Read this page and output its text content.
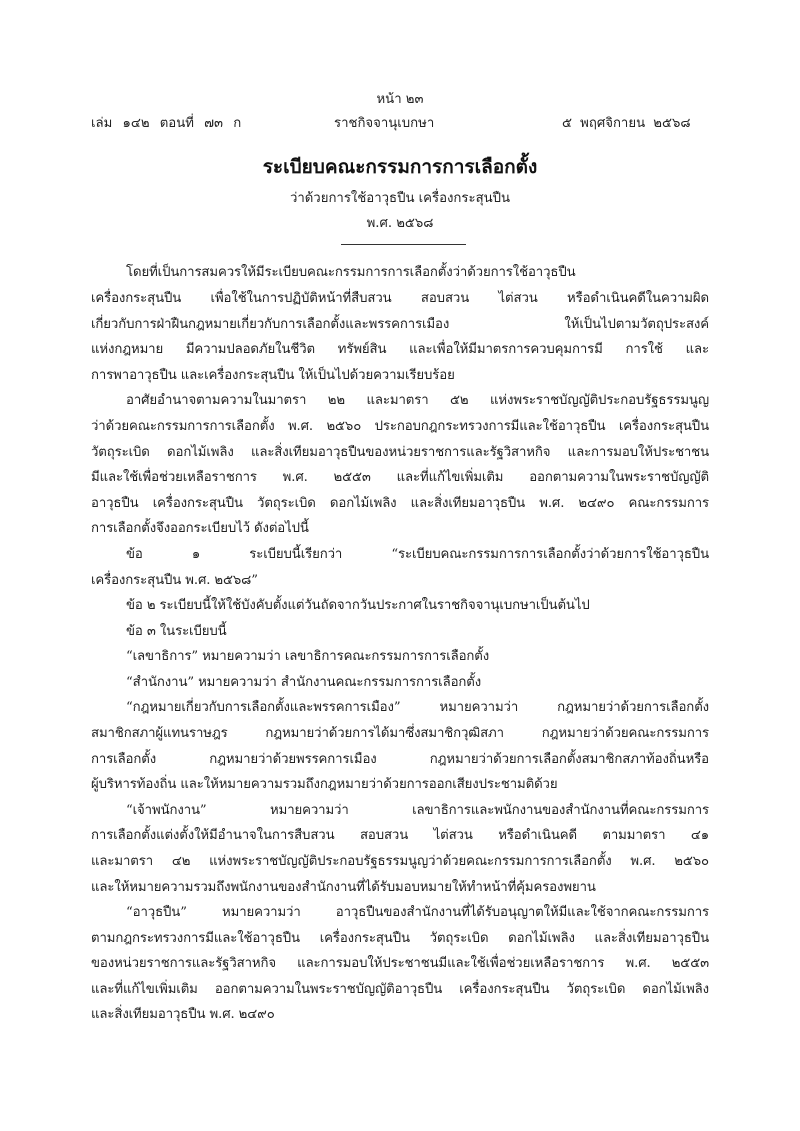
หน้า ๒๓
เล่ม ๑๔๒ ตอนที่ ๗๓ ก	ราชกิจจานุเบกษา	๕ พฤศจิกายน ๒๕๖๘
ระเบียบคณะกรรมการการเลือกตั้ง
ว่าด้วยการใช้อาวุธปืน เครื่องกระสุนปืน
พ.ศ. ๒๕๖๘
โดยที่เป็นการสมควรให้มีระเบียบคณะกรรมการการเลือกตั้งว่าด้วยการใช้อาวุธปืน
เครื่องกระสุนปืน เพื่อใช้ในการปฏิบัติหน้าที่สืบสวน สอบสวน ไต่สวน หรือดำเนินคดีในความผิด
เกี่ยวกับการฝ่าฝืนกฎหมายเกี่ยวกับการเลือกตั้งและพรรคการเมือง ให้เป็นไปตามวัตถุประสงค์
แห่งกฎหมาย มีความปลอดภัยในชีวิต ทรัพย์สิน และเพื่อให้มีมาตรการควบคุมการมี การใช้ และ
การพาอาวุธปืน และเครื่องกระสุนปืน ให้เป็นไปด้วยความเรียบร้อย
อาศัยอำนาจตามความในมาตรา ๒๒ และมาตรา ๕๒ แห่งพระราชบัญญัติประกอบรัฐธรรมนูญ
ว่าด้วยคณะกรรมการการเลือกตั้ง พ.ศ. ๒๕๖๐ ประกอบกฎกระทรวงการมีและใช้อาวุธปืน เครื่องกระสุนปืน
วัตถุระเบิด ดอกไม้เพลิง และสิ่งเทียมอาวุธปืนของหน่วยราชการและรัฐวิสาหกิจ และการมอบให้ประชาชน
มีและใช้เพื่อช่วยเหลือราชการ พ.ศ. ๒๕๕๓ และที่แก้ไขเพิ่มเติม ออกตามความในพระราชบัญญัติ
อาวุธปืน เครื่องกระสุนปืน วัตถุระเบิด ดอกไม้เพลิง และสิ่งเทียมอาวุธปืน พ.ศ. ๒๔๙๐ คณะกรรมการ
การเลือกตั้งจึงออกระเบียบไว้ ดังต่อไปนี้
ข้อ ๑ ระเบียบนี้เรียกว่า “ระเบียบคณะกรรมการการเลือกตั้งว่าด้วยการใช้อาวุธปืน
เครื่องกระสุนปืน พ.ศ. ๒๕๖๘”
ข้อ ๒ ระเบียบนี้ให้ใช้บังคับตั้งแต่วันถัดจากวันประกาศในราชกิจจานุเบกษาเป็นต้นไป
ข้อ ๓ ในระเบียบนี้
“เลขาธิการ” หมายความว่า เลขาธิการคณะกรรมการการเลือกตั้ง
“สำนักงาน” หมายความว่า สำนักงานคณะกรรมการการเลือกตั้ง
“กฎหมายเกี่ยวกับการเลือกตั้งและพรรคการเมือง” หมายความว่า กฎหมายว่าด้วยการเลือกตั้ง
สมาชิกสภาผู้แทนราษฎร กฎหมายว่าด้วยการได้มาซึ่งสมาชิกวุฒิสภา กฎหมายว่าด้วยคณะกรรมการ
การเลือกตั้ง กฎหมายว่าด้วยพรรคการเมือง กฎหมายว่าด้วยการเลือกตั้งสมาชิกสภาท้องถิ่นหรือ
ผู้บริหารท้องถิ่น และให้หมายความรวมถึงกฎหมายว่าด้วยการออกเสียงประชามติด้วย
“เจ้าพนักงาน” หมายความว่า เลขาธิการและพนักงานของสำนักงานที่คณะกรรมการ
การเลือกตั้งแต่งตั้งให้มีอำนาจในการสืบสวน สอบสวน ไต่สวน หรือดำเนินคดี ตามมาตรา ๔๑
และมาตรา ๔๒ แห่งพระราชบัญญัติประกอบรัฐธรรมนูญว่าด้วยคณะกรรมการการเลือกตั้ง พ.ศ. ๒๕๖๐
และให้หมายความรวมถึงพนักงานของสำนักงานที่ได้รับมอบหมายให้ทำหน้าที่คุ้มครองพยาน
“อาวุธปืน” หมายความว่า อาวุธปืนของสำนักงานที่ได้รับอนุญาตให้มีและใช้จากคณะกรรมการ
ตามกฎกระทรวงการมีและใช้อาวุธปืน เครื่องกระสุนปืน วัตถุระเบิด ดอกไม้เพลิง และสิ่งเทียมอาวุธปืน
ของหน่วยราชการและรัฐวิสาหกิจ และการมอบให้ประชาชนมีและใช้เพื่อช่วยเหลือราชการ พ.ศ. ๒๕๕๓
และที่แก้ไขเพิ่มเติม ออกตามความในพระราชบัญญัติอาวุธปืน เครื่องกระสุนปืน วัตถุระเบิด ดอกไม้เพลิง
และสิ่งเทียมอาวุธปืน พ.ศ. ๒๔๙๐
